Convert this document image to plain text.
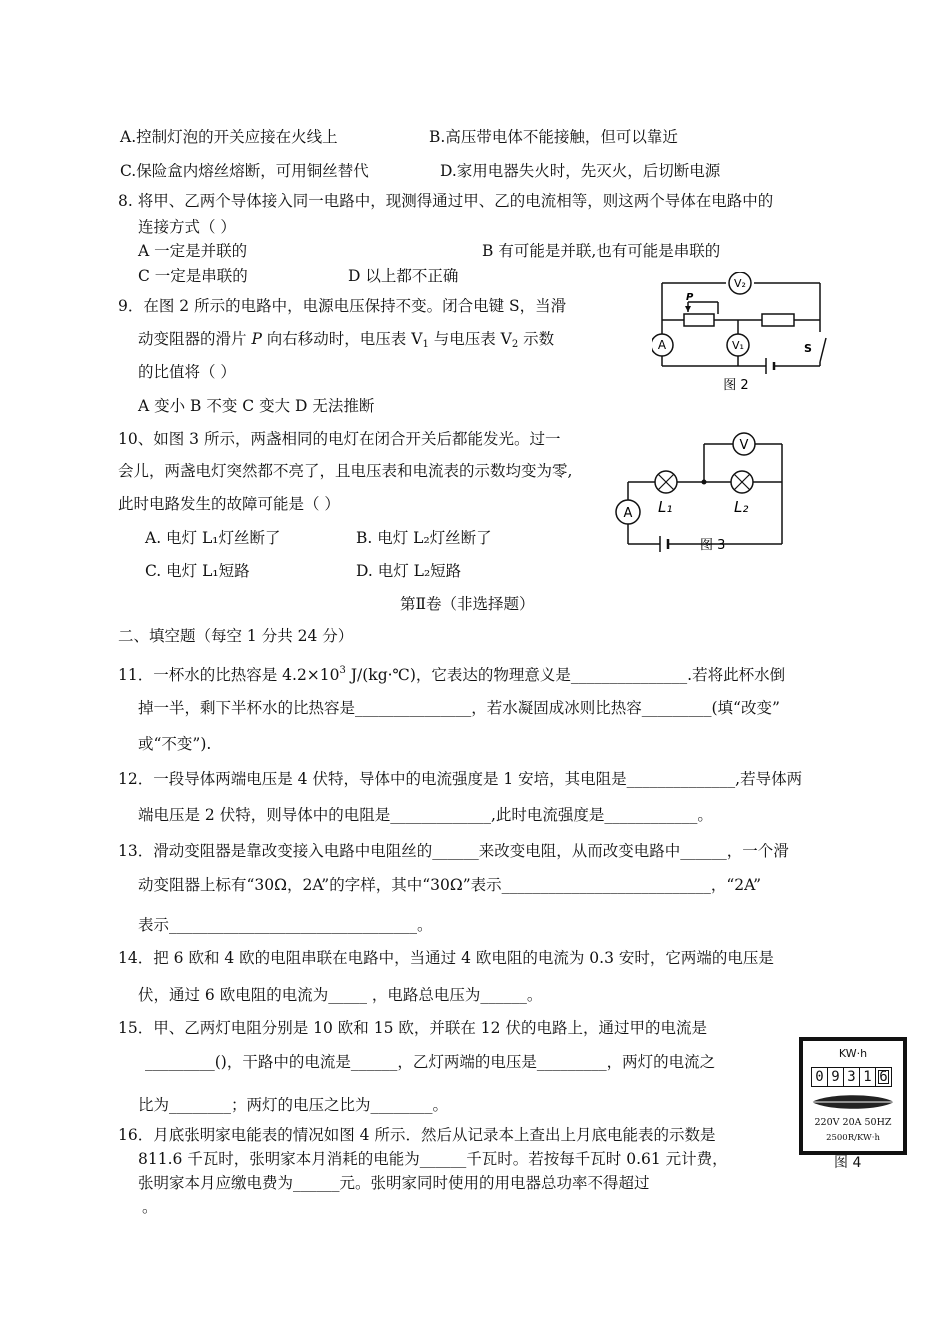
A.控制灯泡的开关应接在火线上	B.高压带电体不能接触，但可以靠近
C.保险盒内熔丝熔断，可用铜丝替代	D.家用电器失火时，先灭火，后切断电源
8. 将甲、乙两个导体接入同一电路中，现测得通过甲、乙的电流相等，则这两个导体在电路中的
连接方式（ ）
A 一定是并联的	B 有可能是并联,也有可能是串联的
C 一定是串联的	D 以上都不正确
9．在图 2 所示的电路中，电源电压保持不变。闭合电键 S，当滑
动变阻器的滑片 P 向右移动时，电压表 $V_1$ 与电压表 $V_2$ 示数
的比值将（ ）
A 变小 B 不变 C 变大 D 无法推断
V₂
V₁
A
P
S
图 2
10、如图 3 所示，两盏相同的电灯在闭合开关后都能发光。过一
会儿，两盏电灯突然都不亮了，且电压表和电流表的示数均变为零,
此时电路发生的故障可能是（ ）
A. 电灯 L₁灯丝断了	B. 电灯 L₂灯丝断了
C. 电灯 L₁短路	D. 电灯 L₂短路
V
A L₁	L₂
图 3
第Ⅱ卷（非选择题）
二、填空题（每空 1 分共 24 分）
11．一杯水的比热容是 $4.2\times 10^3$ J/(kg·℃)，它表达的物理意义是_______________.若将此杯水倒
掉一半，剩下半杯水的比热容是_______________，若水凝固成冰则比热容_________(填“改变”
或“不变”).
12．一段导体两端电压是 4 伏特，导体中的电流强度是 1 安培，其电阻是______________,若导体两
端电压是 2 伏特，则导体中的电阻是_____________,此时电流强度是____________。
13．滑动变阻器是靠改变接入电路中电阻丝的______来改变电阻，从而改变电路中______，一个滑
动变阻器上标有“30Ω，2A”的字样，其中“30Ω”表示___________________________，“2A”
表示________________________________。
14．把 6 欧和 4 欧的电阻串联在电路中，当通过 4 欧电阻的电流为 0.3 安时，它两端的电压是
伏，通过 6 欧电阻的电流为_____ ，电路总电压为______。
15．甲、乙两灯电阻分别是 10 欧和 15 欧，并联在 12 伏的电路上，通过甲的电流是
_________()，干路中的电流是______，乙灯两端的电压是_________，两灯的电流之
比为________；两灯的电压之比为________。
16．月底张明家电能表的情况如图 4 所示．然后从记录本上查出上月底电能表的示数是
811.6 千瓦时，张明家本月消耗的电能为______千瓦时。若按每千瓦时 0.61 元计费，
张明家本月应缴电费为______元。张明家同时使用的用电器总功率不得超过
。
KW·h
0 9 3 1 6
220V 20A 50HZ
2500R/KW·h
图 4
